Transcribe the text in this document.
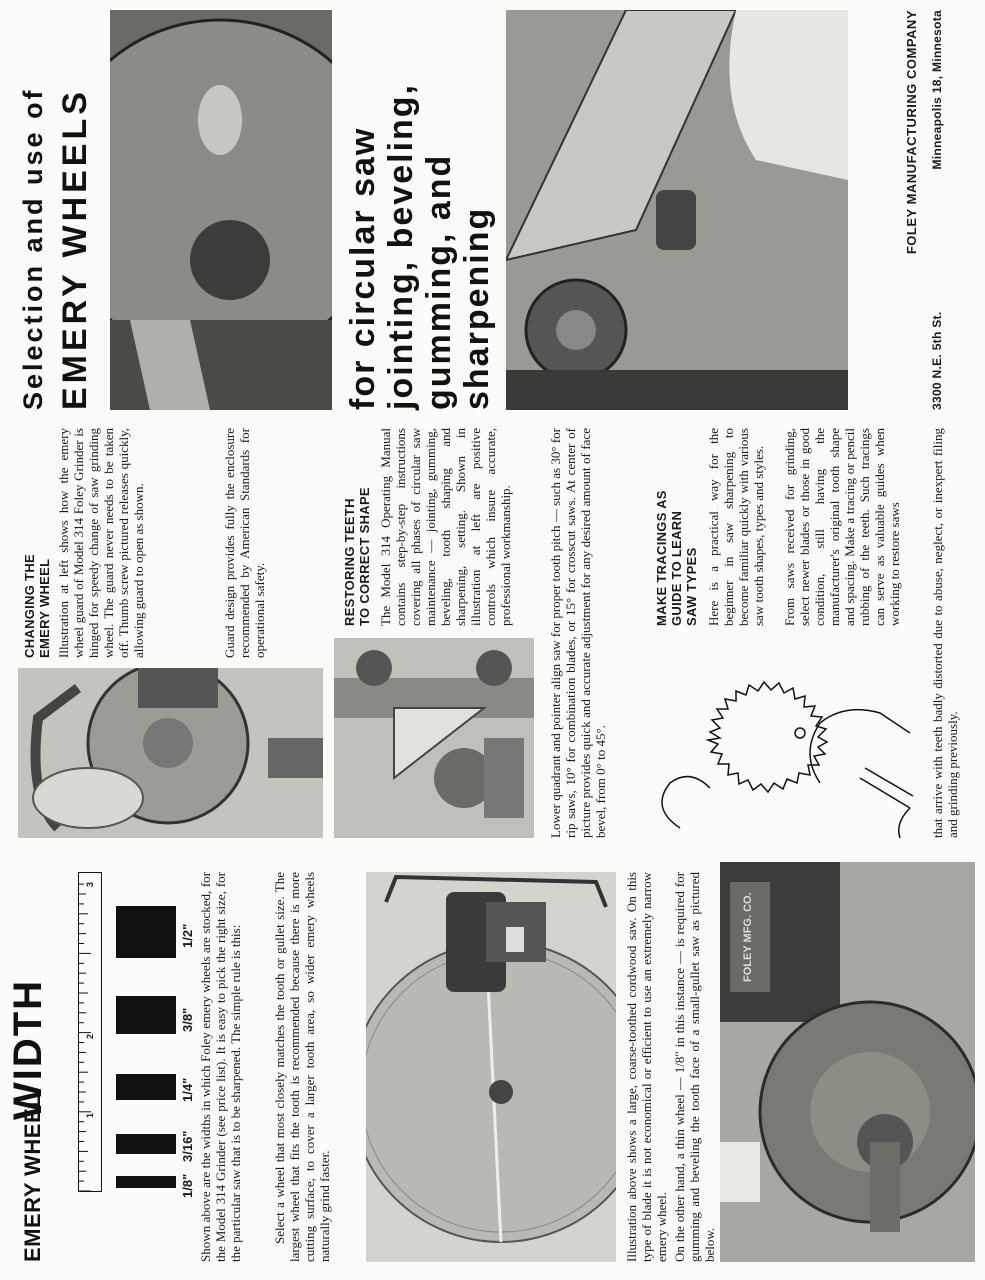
EMERY WHEEL
WIDTH	1
2
3
1/8"
3/16"
1/4"
3/8"
1/2" Shown above are the widths in which Foley emery wheels are stocked, for the Model 314 Grinder (see price list). It is easy to pick the right size, for the particular saw that is to be sharpened. The simple rule is this: Select a wheel that most closely matches the tooth or gullet size. The largest wheel that fits the tooth is recommended because there is more cutting surface, to cover a larger tooth area, so wider emery wheels naturally grind faster.	Illustration above shows a large, coarse-toothed cordwood saw. On this type of blade it is not economical or efficient to use an extremely narrow emery wheel. On the other hand, a thin wheel — 1/8" in this instance — is required for gumming and beveling the tooth face of a small-gullet saw as pictured below.

FOLEY MFG. CO.
CHANGING THE EMERY WHEEL Illustration at left shows how the emery wheel guard of Model 314 Foley Grinder is hinged for speedy change of saw grinding wheel. The guard never needs to be taken off. Thumb screw pictured releases quickly, allowing guard to open as shown.	Guard design provides fully the enclosure recommended by American Standards for operational safety.	RESTORING TEETH TO CORRECT SHAPE The Model 314 Operating Manual contains step-by-step instructions covering all phases of circular saw maintenance — jointing, gumming, beveling, tooth shaping and sharpening, setting. Shown in illustration at left are positive controls which insure accurate, professional workmanship.	Lower quadrant and pointer align saw for proper tooth pitch — such as 30° for rip saws, 10° for combination blades, or 15° for crosscut saws. At center of picture provides quick and accurate adjustment for any desired amount of face bevel, from 0° to 45°.

MAKE TRACINGS AS GUIDE TO LEARN SAW TYPES Here is a practical way for the beginner in saw sharpening to become familiar quickly with various saw tooth shapes, types and styles. From saws received for grinding, select newer blades or those in good condition, still having the manufacturer's original tooth shape and spacing. Make a tracing or pencil rubbing of the teeth. Such tracings can serve as valuable guides when working to restore saws that arrive with teeth badly distorted due to abuse, neglect, or inexpert filing and grinding previously.

Selection and use of EMERY WHEELS	for circular saw jointing, beveling, gumming, and sharpening
FOLEY MANUFACTURING COMPANY
3300 N.E. 5th St.
Minneapolis 18, Minnesota
